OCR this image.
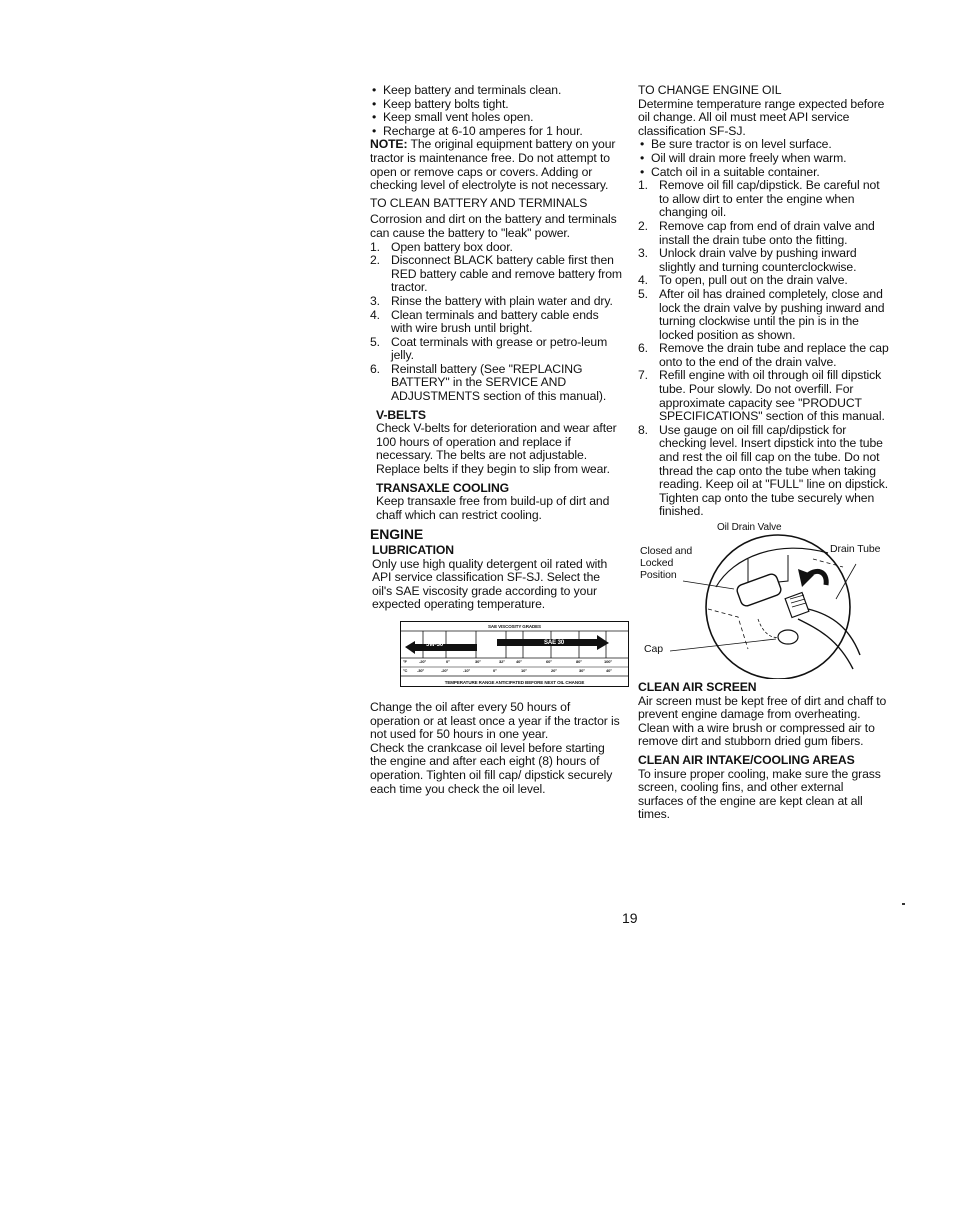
• Keep battery and terminals clean.
• Keep battery bolts tight.
• Keep small vent holes open.
• Recharge at 6-10 amperes for 1 hour.

NOTE: The original equipment battery on your tractor is maintenance free. Do not attempt to open or remove caps or covers. Adding or checking level of electrolyte is not necessary.

TO CLEAN BATTERY AND TERMINALS

Corrosion and dirt on the battery and terminals can cause the battery to "leak" power.

1. Open battery box door.
2. Disconnect BLACK battery cable first then RED battery cable and remove battery from tractor.
3. Rinse the battery with plain water and dry.
4. Clean terminals and battery cable ends with wire brush until bright.
5. Coat terminals with grease or petro-leum jelly.
6. Reinstall battery (See "REPLACING BATTERY" in the SERVICE AND ADJUSTMENTS section of this manual).

V-BELTS

Check V-belts for deterioration and wear after 100 hours of operation and replace if necessary. The belts are not adjustable. Replace belts if they begin to slip from wear.

TRANSAXLE COOLING

Keep transaxle free from build-up of dirt and chaff which can restrict cooling.

ENGINE

LUBRICATION

Only use high quality detergent oil rated with API service classification SF-SJ. Select the oil's SAE viscosity grade according to your expected operating temperature.

SAE VISCOSITY GRADES
5W-30	SAE 30
°F	-20°	0°	30°	32°	40°	60°	80°	100°
°C -30°	-20°	-10°	0°	10°	20°	30°	40°
TEMPERATURE RANGE ANTICIPATED BEFORE NEXT OIL CHANGE

Change the oil after every 50 hours of operation or at least once a year if the tractor is not used for 50 hours in one year.

Check the crankcase oil level before starting the engine and after each eight (8) hours of operation. Tighten oil fill cap/ dipstick securely each time you check the oil level.

TO CHANGE ENGINE OIL

Determine temperature range expected before oil change. All oil must meet API service classification SF-SJ.

• Be sure tractor is on level surface.
• Oil will drain more freely when warm.
• Catch oil in a suitable container.
1. Remove oil fill cap/dipstick. Be careful not to allow dirt to enter the engine when changing oil.
2. Remove cap from end of drain valve and install the drain tube onto the fitting.
3. Unlock drain valve by pushing inward slightly and turning counterclockwise.
4. To open, pull out on the drain valve.
5. After oil has drained completely, close and lock the drain valve by pushing inward and turning clockwise until the pin is in the locked position as shown.
6. Remove the drain tube and replace the cap onto to the end of the drain valve.
7. Refill engine with oil through oil fill dipstick tube. Pour slowly. Do not overfill. For approximate capacity see "PRODUCT SPECIFICATIONS" section of this manual.
8. Use gauge on oil fill cap/dipstick for checking level. Insert dipstick into the tube and rest the oil fill cap on the tube. Do not thread the cap onto the tube when taking reading. Keep oil at "FULL" line on dipstick. Tighten cap onto the tube securely when finished.
Oil Drain Valve
Closed and Locked Position
Drain Tube
Cap

CLEAN AIR SCREEN

Air screen must be kept free of dirt and chaff to prevent engine damage from overheating. Clean with a wire brush or compressed air to remove dirt and stubborn dried gum fibers.

CLEAN AIR INTAKE/COOLING AREAS

To insure proper cooling, make sure the grass screen, cooling fins, and other external surfaces of the engine are kept clean at all times.

19
